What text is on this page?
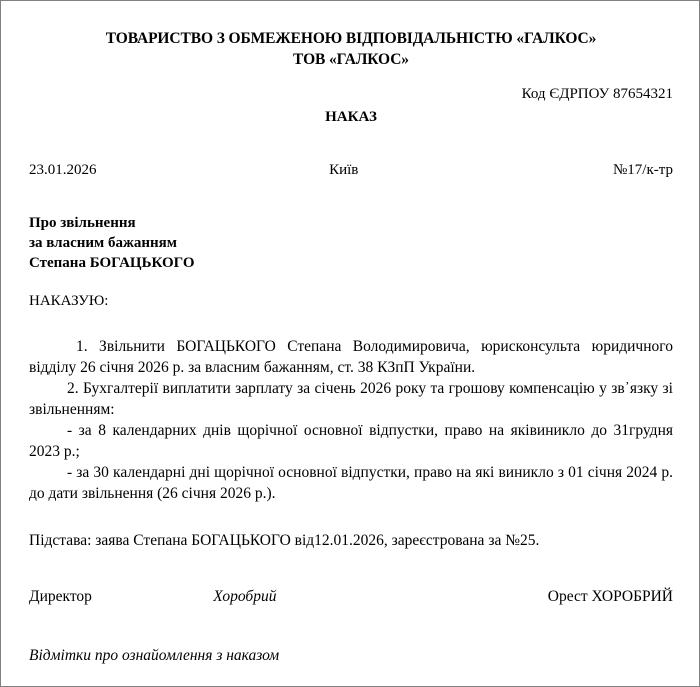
ТОВАРИСТВО З ОБМЕЖЕНОЮ ВІДПОВІДАЛЬНІСТЮ «ГАЛКОС»
ТОВ «ГАЛКОС»
Код ЄДРПОУ 87654321
НАКАЗ
23.01.2026	Київ	№17/к-тр
Про звільнення
за власним бажанням
Степана БОГАЦЬКОГО
НАКАЗУЮ:

1. Звільнити БОГАЦЬКОГО Степана Володимировича, юрисконсульта юридичного відділу 26 січня 2026 р. за власним бажанням, ст. 38 КЗпП України.

2. Бухгалтерії виплатити зарплату за січень 2026 року та грошову компенсацію у зв᾽язку зі звільненням:

- за 8 календарних днів щорічної основної відпустки, право на яківиникло до 31грудня 2023 р.;

- за 30 календарні дні щорічної основної відпустки, право на які виникло з 01 січня 2024 р. до дати звільнення (26 січня 2026 р.).

Підстава: заява Степана БОГАЦЬКОГО від12.01.2026, зареєстрована за №25.
Директор	Хоробрий	Орест ХОРОБРИЙ
Відмітки про ознайомлення з наказом
